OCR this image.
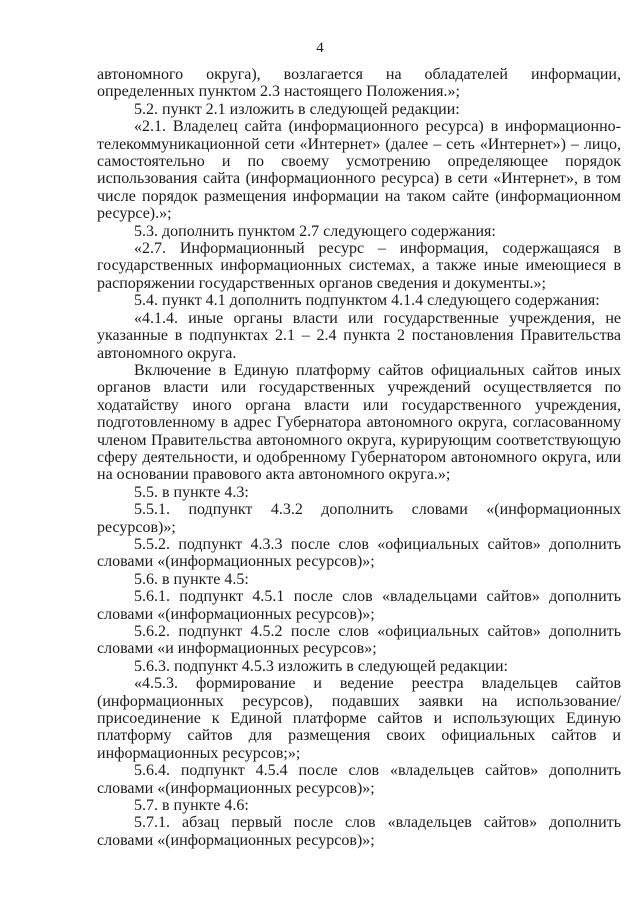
4

автономного округа), возлагается на обладателей информации, определенных пунктом 2.3 настоящего Положения.»;

5.2. пункт 2.1 изложить в следующей редакции:

«2.1. Владелец сайта (информационного ресурса) в информационно-телекоммуникационной сети «Интернет» (далее – сеть «Интернет») – лицо, самостоятельно и по своему усмотрению определяющее порядок использования сайта (информационного ресурса) в сети «Интернет», в том числе порядок размещения информации на таком сайте (информационном ресурсе).»;

5.3. дополнить пунктом 2.7 следующего содержания:

«2.7. Информационный ресурс – информация, содержащаяся в государственных информационных системах, а также иные имеющиеся в распоряжении государственных органов сведения и документы.»;

5.4. пункт 4.1 дополнить подпунктом 4.1.4 следующего содержания:

«4.1.4. иные органы власти или государственные учреждения, не указанные в подпунктах 2.1 – 2.4 пункта 2 постановления Правительства автономного округа.

Включение в Единую платформу сайтов официальных сайтов иных органов власти или государственных учреждений осуществляется по ходатайству иного органа власти или государственного учреждения, подготовленному в адрес Губернатора автономного округа, согласованному членом Правительства автономного округа, курирующим соответствующую сферу деятельности, и одобренному Губернатором автономного округа, или на основании правового акта автономного округа.»;

5.5. в пункте 4.3:

5.5.1. подпункт 4.3.2 дополнить словами «(информационных ресурсов)»;

5.5.2. подпункт 4.3.3 после слов «официальных сайтов» дополнить словами «(информационных ресурсов)»;

5.6. в пункте 4.5:

5.6.1. подпункт 4.5.1 после слов «владельцами сайтов» дополнить словами «(информационных ресурсов)»;

5.6.2. подпункт 4.5.2 после слов «официальных сайтов» дополнить словами «и информационных ресурсов»;

5.6.3. подпункт 4.5.3 изложить в следующей редакции:

«4.5.3. формирование и ведение реестра владельцев сайтов (информационных ресурсов), подавших заявки на использование/присоединение к Единой платформе сайтов и использующих Единую платформу сайтов для размещения своих официальных сайтов и информационных ресурсов;»;

5.6.4. подпункт 4.5.4 после слов «владельцев сайтов» дополнить словами «(информационных ресурсов)»;

5.7. в пункте 4.6:

5.7.1. абзац первый после слов «владельцев сайтов» дополнить словами «(информационных ресурсов)»;
